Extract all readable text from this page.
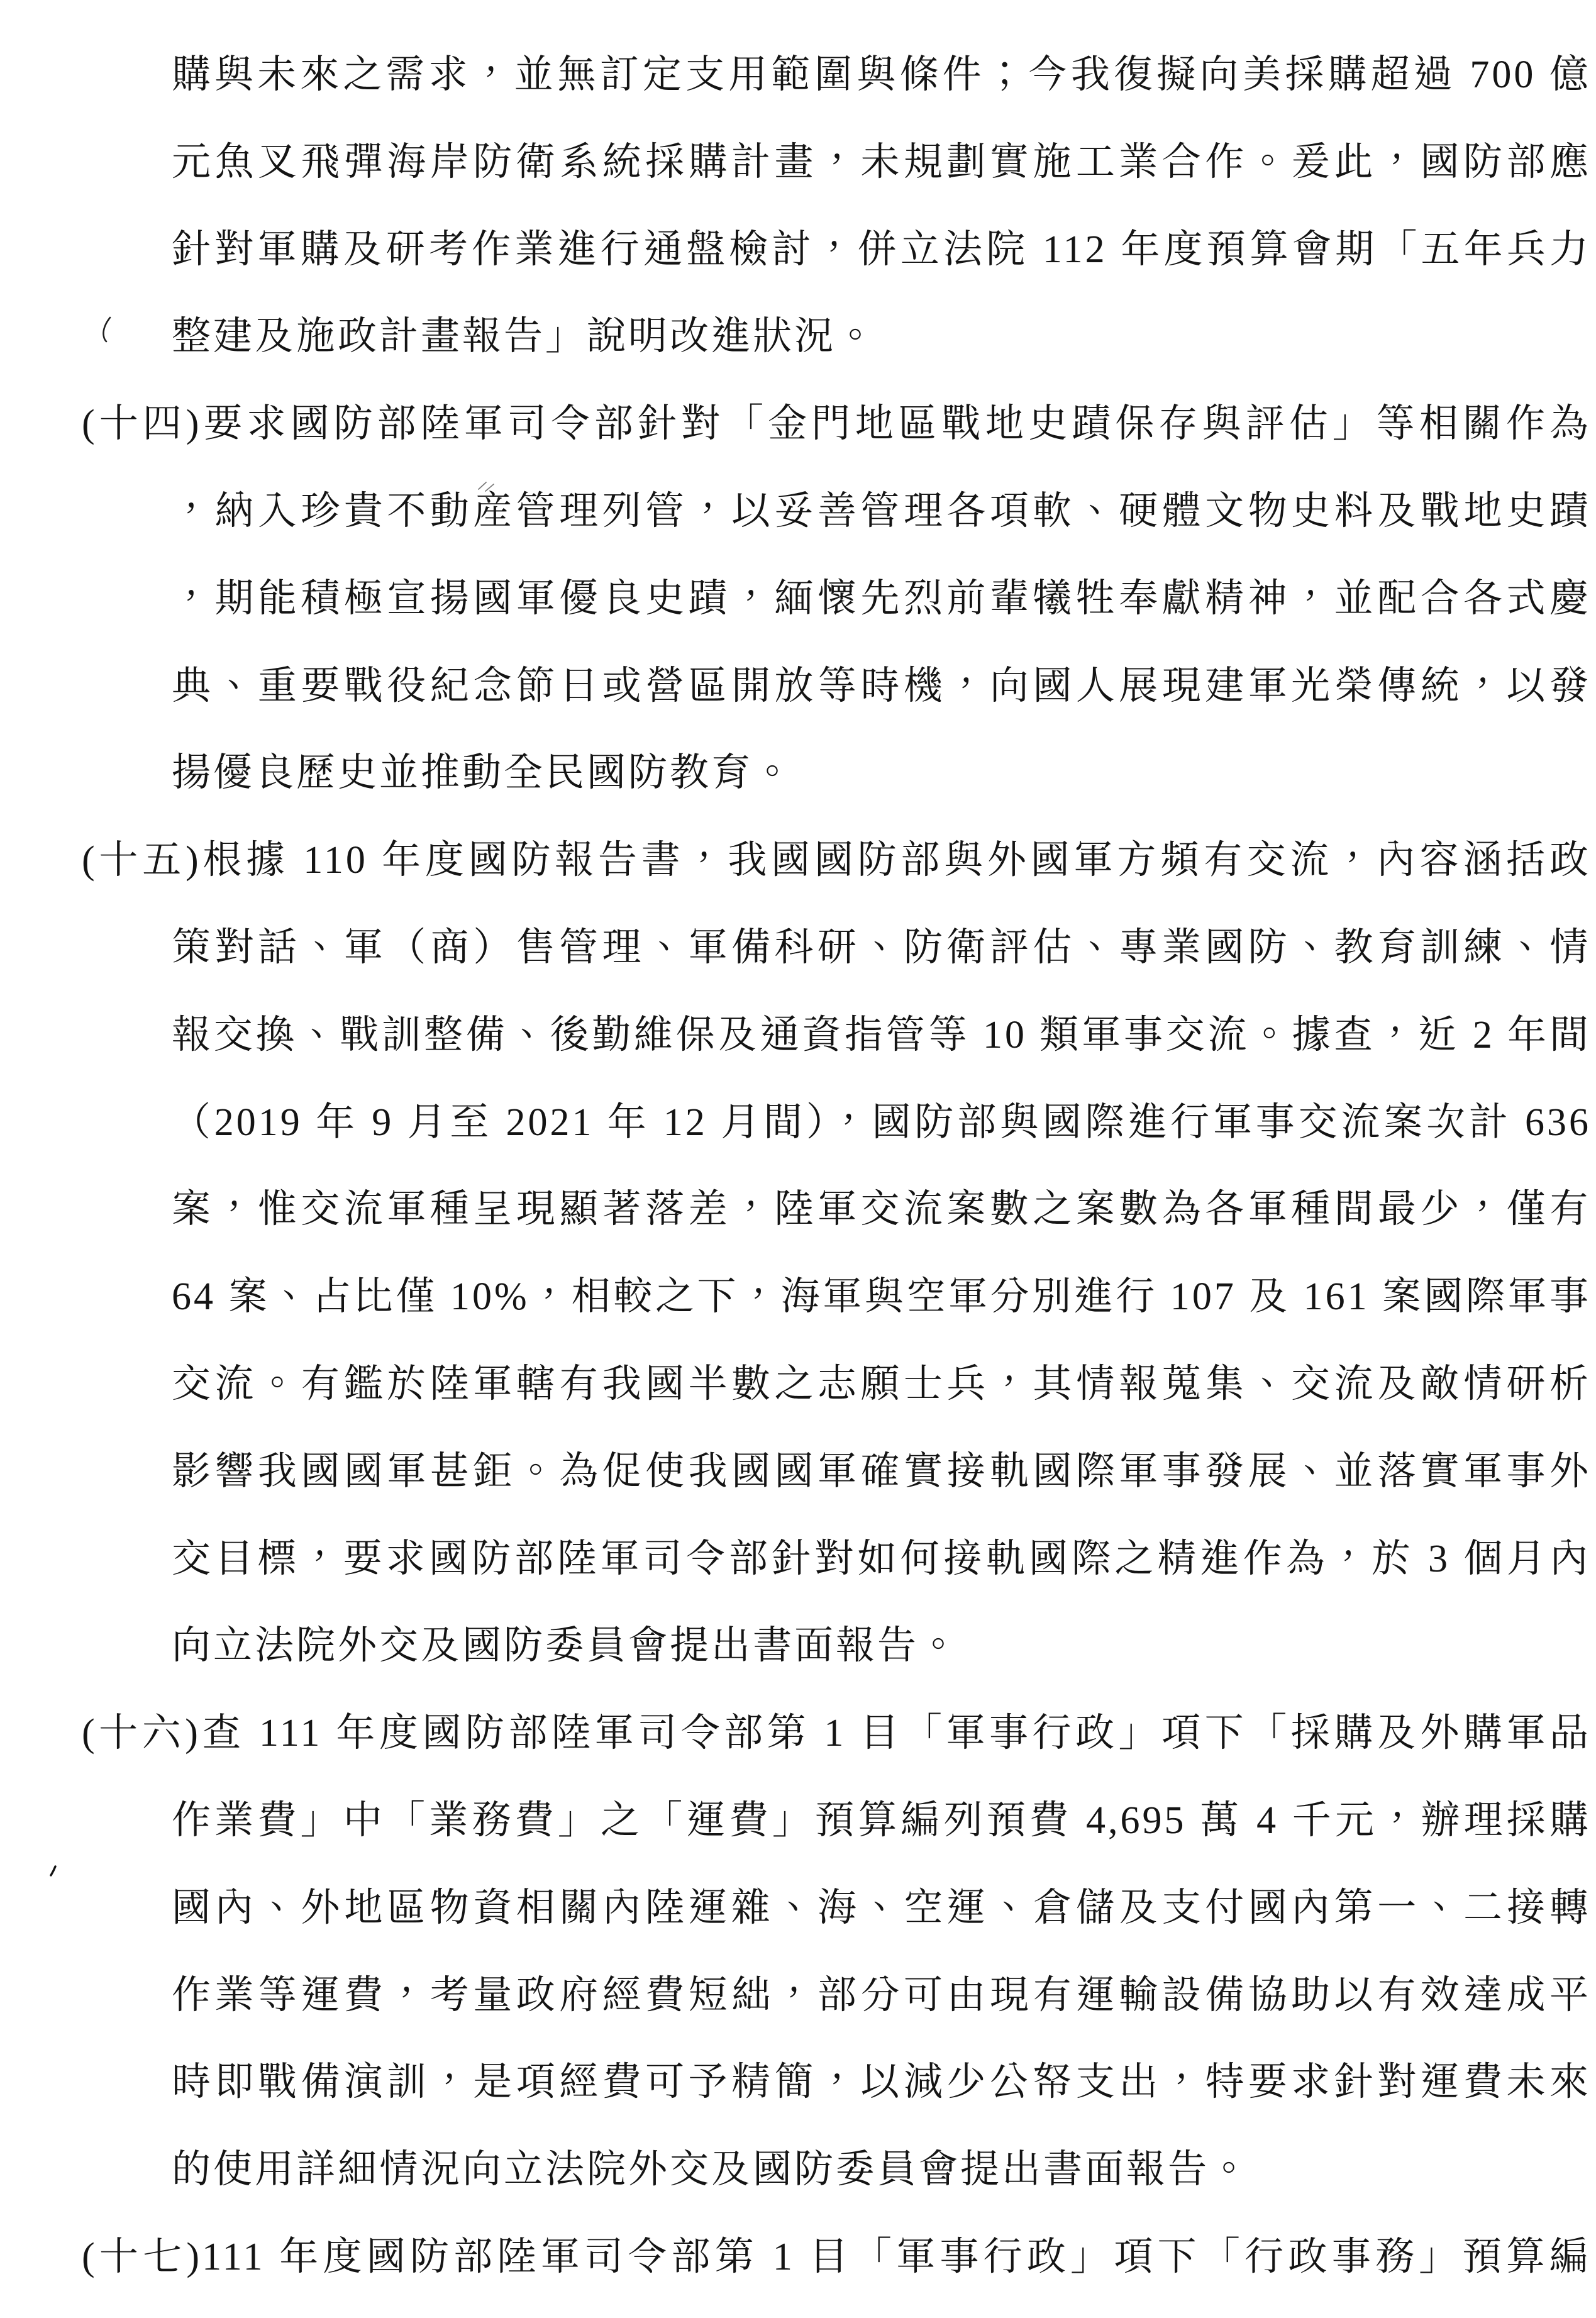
購與未來之需求，並無訂定支用範圍與條件；今我復擬向美採購超過 700 億
元魚叉飛彈海岸防衛系統採購計畫，未規劃實施工業合作。爰此，國防部應
針對軍購及研考作業進行通盤檢討，併立法院 112 年度預算會期「五年兵力
整建及施政計畫報告」說明改進狀況。
(十四)要求國防部陸軍司令部針對「金門地區戰地史蹟保存與評估」等相關作為
，納入珍貴不動産管理列管，以妥善管理各項軟、硬體文物史料及戰地史蹟
，期能積極宣揚國軍優良史蹟，緬懷先烈前輩犧牲奉獻精神，並配合各式慶
典、重要戰役紀念節日或營區開放等時機，向國人展現建軍光榮傳統，以發
揚優良歷史並推動全民國防教育。
(十五)根據 110 年度國防報告書，我國國防部與外國軍方頻有交流，內容涵括政
策對話、軍（商）售管理、軍備科研、防衛評估、專業國防、教育訓練、情
報交換、戰訓整備、後勤維保及通資指管等 10 類軍事交流。據查，近 2 年間
（2019 年 9 月至 2021 年 12 月間），國防部與國際進行軍事交流案次計 636
案，惟交流軍種呈現顯著落差，陸軍交流案數之案數為各軍種間最少，僅有
64 案、占比僅 10%，相較之下，海軍與空軍分別進行 107 及 161 案國際軍事
交流。有鑑於陸軍轄有我國半數之志願士兵，其情報蒐集、交流及敵情研析
影響我國國軍甚鉅。為促使我國國軍確實接軌國際軍事發展、並落實軍事外
交目標，要求國防部陸軍司令部針對如何接軌國際之精進作為，於 3 個月內
向立法院外交及國防委員會提出書面報告。
(十六)查 111 年度國防部陸軍司令部第 1 目「軍事行政」項下「採購及外購軍品
作業費」中「業務費」之「運費」預算編列預費 4,695 萬 4 千元，辦理採購
國內、外地區物資相關內陸運雜、海、空運、倉儲及支付國內第一、二接轉
作業等運費，考量政府經費短絀，部分可由現有運輸設備協助以有效達成平
時即戰備演訓，是項經費可予精簡，以減少公帑支出，特要求針對運費未來
的使用詳細情況向立法院外交及國防委員會提出書面報告。
(十七)111 年度國防部陸軍司令部第 1 目「軍事行政」項下「行政事務」預算編
